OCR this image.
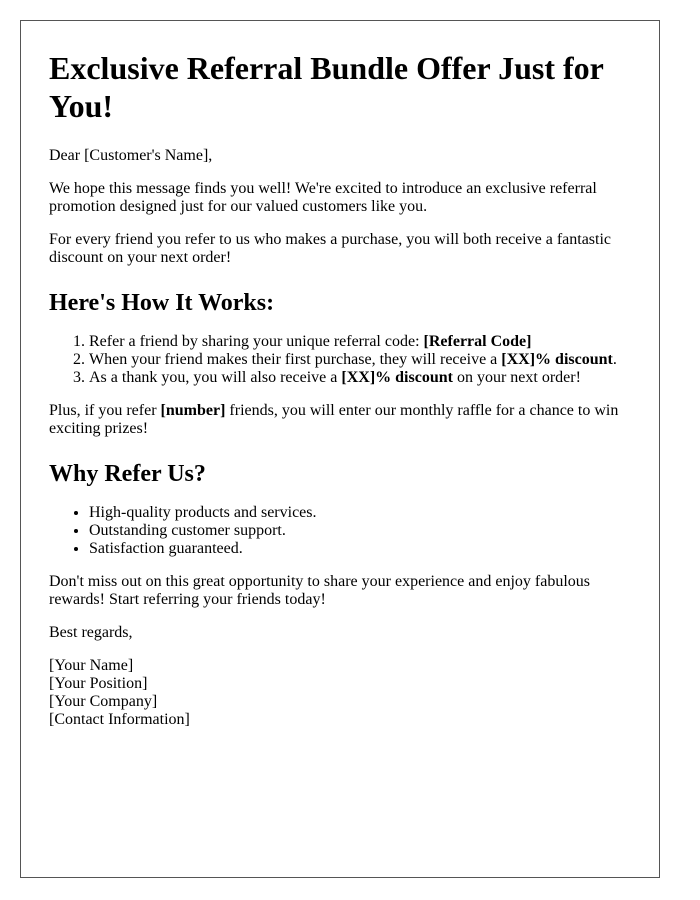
Exclusive Referral Bundle Offer Just for You!

Dear [Customer's Name],

We hope this message finds you well! We're excited to introduce an exclusive referral promotion designed just for our valued customers like you.

For every friend you refer to us who makes a purchase, you will both receive a fantastic discount on your next order!

Here's How It Works:
1. Refer a friend by sharing your unique referral code: [Referral Code]
2. When your friend makes their first purchase, they will receive a [XX]% discount.
3. As a thank you, you will also receive a [XX]% discount on your next order!

Plus, if you refer [number] friends, you will enter our monthly raffle for a chance to win exciting prizes!

Why Refer Us?
• High-quality products and services.
• Outstanding customer support.
• Satisfaction guaranteed.

Don't miss out on this great opportunity to share your experience and enjoy fabulous rewards! Start referring your friends today!

Best regards,

[Your Name]

[Your Position]

[Your Company]

[Contact Information]
